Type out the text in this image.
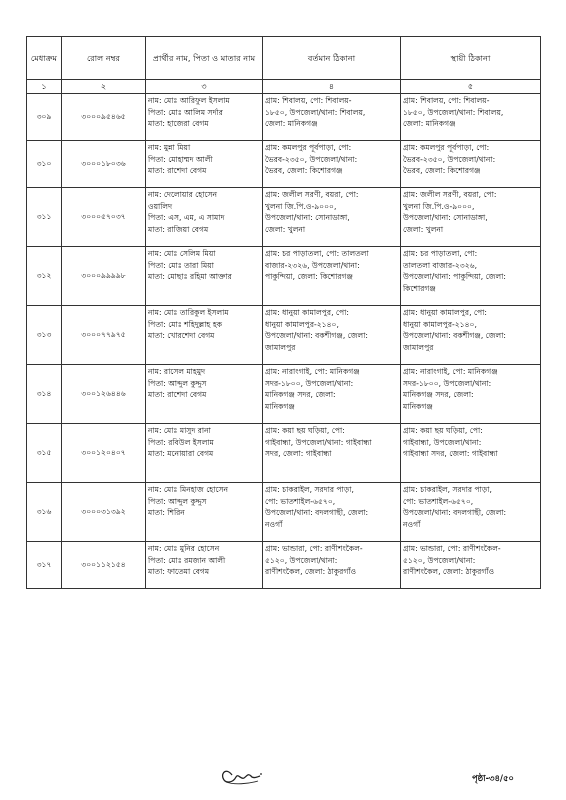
মেধাক্রম	রোল নম্বর	প্রার্থীর নাম, পিতা ও মাতার নাম	বর্তমান ঠিকানা	স্থায়ী ঠিকানা
১	২	৩	৪	৫
৩০৯	৩০০০৯৫৪৬৫	নাম: মোঃ আরিফুল ইসলাম
পিতা: মোঃ আলিম সর্দার
মাতা: হাজেরা বেগম	গ্রাম: শিবালয়, পো: শিবালয়-
১৮৫০, উপজেলা/থানা: শিবালয়,
জেলা: মানিকগঞ্জ	গ্রাম: শিবালয়, পো: শিবালয়-
১৮৫০, উপজেলা/থানা: শিবালয়,
জেলা: মানিকগঞ্জ

৩১০	৩০০০১৮০৩৬	নাম: মুন্না মিয়া
পিতা: মোহাম্মদ আলী
মাতা: রাশেদা বেগম	গ্রাম: কমলপুর পূর্বপাড়া, পো:
ভৈরব-২৩৫০, উপজেলা/থানা:
ভৈরব, জেলা: কিশোরগঞ্জ	গ্রাম: কমলপুর পূর্বপাড়া, পো:
ভৈরব-২৩৫০, উপজেলা/থানা:
ভৈরব, জেলা: কিশোরগঞ্জ

৩১১	৩০০০৫৭০৩৭	নাম: দেলোয়ার হোসেন
ওয়ালিদ
পিতা: এস, এম, এ সামাদ
মাতা: রাজিয়া বেগম	গ্রাম: জলীল সরণী, বয়রা, পো:
খুলনা জি.পি.ও-৯০০০,
উপজেলা/থানা: সোনাডাঙ্গা,
জেলা: খুলনা	গ্রাম: জলীল সরণী, বয়রা, পো:
খুলনা জি.পি.ও-৯০০০,
উপজেলা/থানা: সোনাডাঙ্গা,
জেলা: খুলনা

৩১২	৩০০০৯৯৯৯৮	নাম: মোঃ সেলিম মিয়া
পিতা: মোঃ তারা মিয়া
মাতা: মোছাঃ রহিমা আক্তার	গ্রাম: চর পাড়াতলা, পো: তালতলা
বাজার-২৩২৬, উপজেলা/থানা:
পাকুন্দিয়া, জেলা: কিশোরগঞ্জ	গ্রাম: চর পাড়াতলা, পো:
তালতলা বাজার-২৩২৬,
উপজেলা/থানা: পাকুন্দিয়া, জেলা:
কিশোরগঞ্জ

৩১৩	৩০০০৭৭৯৭৫	নাম: মোঃ তারিকুল ইসলাম
পিতা: মোঃ শহিদুল্লাহ হক
মাতা: খোরশেদা বেগম	গ্রাম: ধানুয়া কামালপুর, পো:
ধানুয়া কামালপুর-২১৪০,
উপজেলা/থানা: বকশীগঞ্জ, জেলা:
জামালপুর	গ্রাম: ধানুয়া কামালপুর, পো:
ধানুয়া কামালপুর-২১৪০,
উপজেলা/থানা: বকশীগঞ্জ, জেলা:
জামালপুর

৩১৪	৩০০১২৬৪৪৬	নাম: রাসেল মাহমুদ
পিতা: আব্দুল কুদ্দুস
মাতা: রাশেদা বেগম	গ্রাম: নারাংগাই, পো: মানিকগঞ্জ
সদর-১৮০০, উপজেলা/থানা:
মানিকগঞ্জ সদর, জেলা:
মানিকগঞ্জ	গ্রাম: নারাংগাই, পো: মানিকগঞ্জ
সদর-১৮০০, উপজেলা/থানা:
মানিকগঞ্জ সদর, জেলা:
মানিকগঞ্জ

৩১৫	৩০০১২০৪০৭	নাম: মোঃ মাসুদ রানা
পিতা: রবিউল ইসলাম
মাতা: মনোয়ারা বেগম	গ্রাম: কয়া ছয় ঘড়িয়া, পো:
গাইবান্ধা, উপজেলা/থানা: গাইবান্ধা
সদর, জেলা: গাইবান্ধা	গ্রাম: কয়া ছয় ঘড়িয়া, পো:
গাইবান্ধা, উপজেলা/থানা:
গাইবান্ধা সদর, জেলা: গাইবান্ধা

৩১৬	৩০০০৩১৩৯২	নাম: মোঃ মিনহাজ হোসেন
পিতা: আব্দুল কুদ্দুস
মাতা: শিরিন	গ্রাম: চাকরাইল, সরদার পাড়া,
পো: ভাতশাইল-৬৫৭০,
উপজেলা/থানা: বদলগাছী, জেলা:
নওগাঁ	গ্রাম: চাকরাইল, সরদার পাড়া,
পো: ভাতশাইল-৬৫৭০,
উপজেলা/থানা: বদলগাছী, জেলা:
নওগাঁ

৩১৭	৩০০১১২১৫৪	নাম: মোঃ মুনির হোসেন
পিতা: মোঃ রমজান আলী
মাতা: ফাতেমা বেগম	গ্রাম: ভান্ডারা, পো: রাণীশংকৈল-
৫১২০, উপজেলা/থানা:
রাণীশংকৈল, জেলা: ঠাকুরগাঁও	গ্রাম: ভান্ডারা, পো: রাণীশংকৈল-
৫১২০, উপজেলা/থানা:
রাণীশংকৈল, জেলা: ঠাকুরগাঁও
পৃষ্ঠা-৩৪/৫০
